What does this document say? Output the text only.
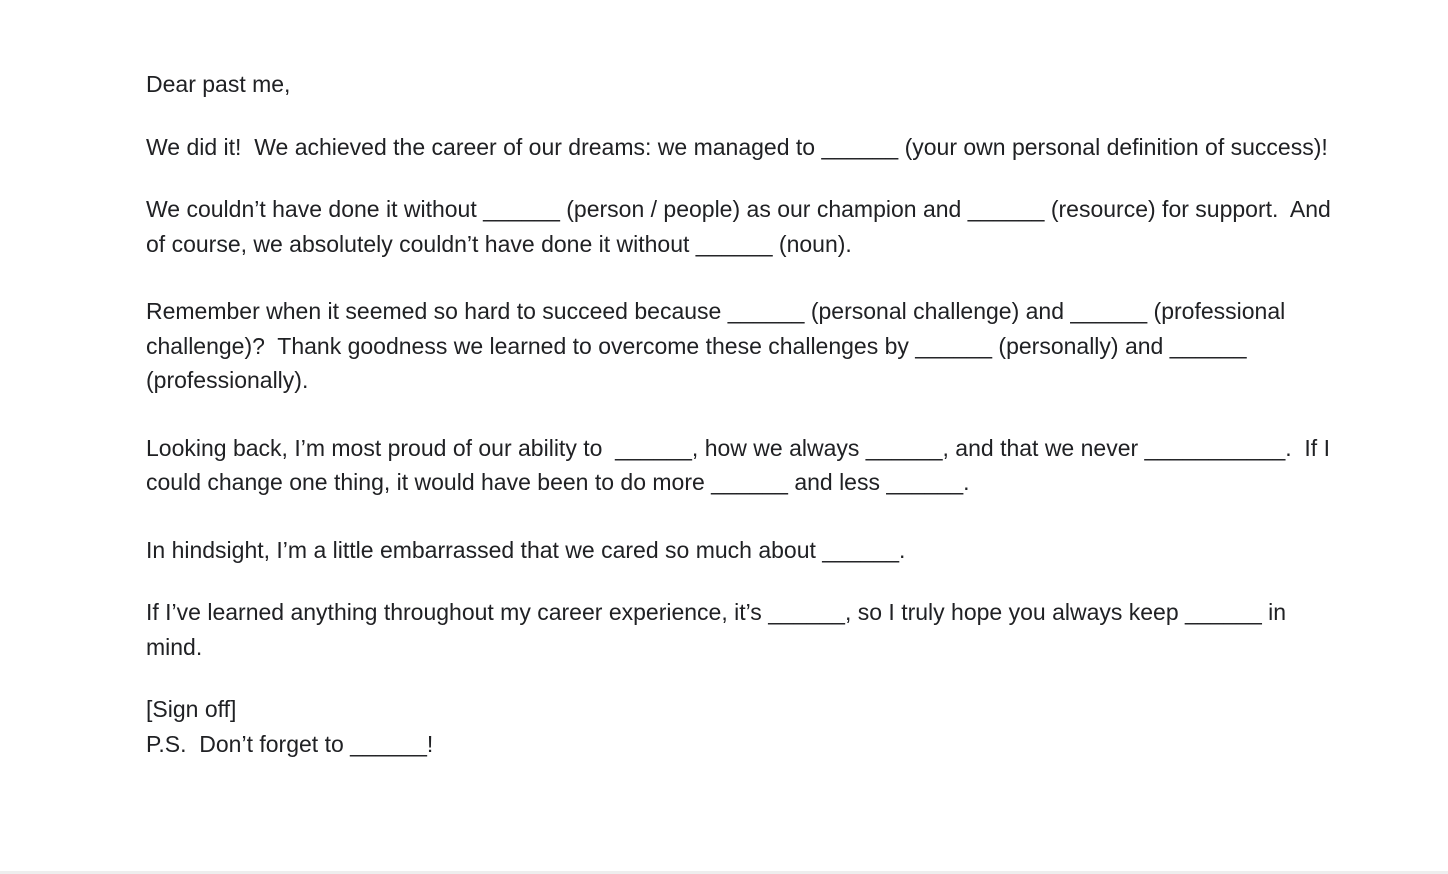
Dear past me,

We did it!  We achieved the career of our dreams: we managed to ______ (your own personal definition of success)!

We couldn’t have done it without ______ (person / people) as our champion and ______ (resource) for support.  And of course, we absolutely couldn’t have done it without ______ (noun).

Remember when it seemed so hard to succeed because ______ (personal challenge) and ______ (professional challenge)?  Thank goodness we learned to overcome these challenges by ______ (personally) and ______ (professionally).

Looking back, I’m most proud of our ability to  ______, how we always ______, and that we never ___________.  If I could change one thing, it would have been to do more ______ and less ______.

In hindsight, I’m a little embarrassed that we cared so much about ______.

If I’ve learned anything throughout my career experience, it’s ______, so I truly hope you always keep ______ in mind.

[Sign off]

P.S.  Don’t forget to ______!
